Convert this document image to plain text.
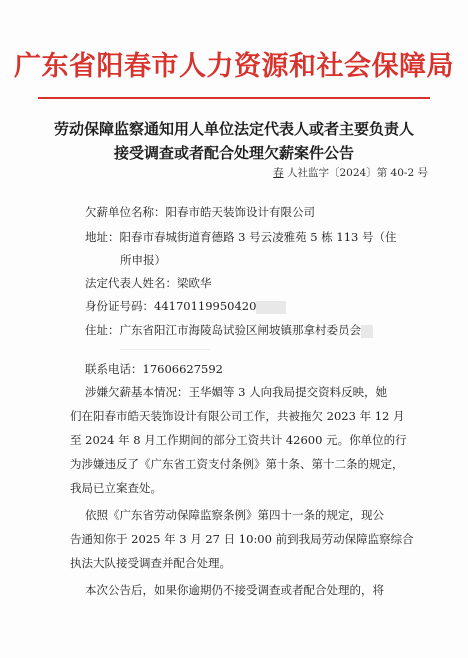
广东省阳春市人力资源和社会保障局
劳动保障监察通知用人单位法定代表人或者主要负责人
接受调查或者配合处理欠薪案件公告
春 人社监字〔2024〕第 40-2 号
欠薪单位名称：阳春市皓天装饰设计有限公司
地址：阳春市春城街道育德路 3 号云凌雅苑 5 栋 113 号（住
所申报）
法定代表人姓名：梁欧华
身份证号码：44170119950420
住址：广东省阳江市海陵岛试验区闸坡镇那拿村委员会
联系电话：17606627592
涉嫌欠薪基本情况：王华媚等 3 人向我局提交资料反映，她
们在阳春市皓天装饰设计有限公司工作，共被拖欠 2023 年 12 月
至 2024 年 8 月工作期间的部分工资共计 42600 元。你单位的行
为涉嫌违反了《广东省工资支付条例》第十条、第十二条的规定，
我局已立案查处。
依照《广东省劳动保障监察条例》第四十一条的规定，现公
告通知你于 2025 年 3 月 27 日 10:00 前到我局劳动保障监察综合
执法大队接受调查并配合处理。
本次公告后，如果你逾期仍不接受调查或者配合处理的，将
